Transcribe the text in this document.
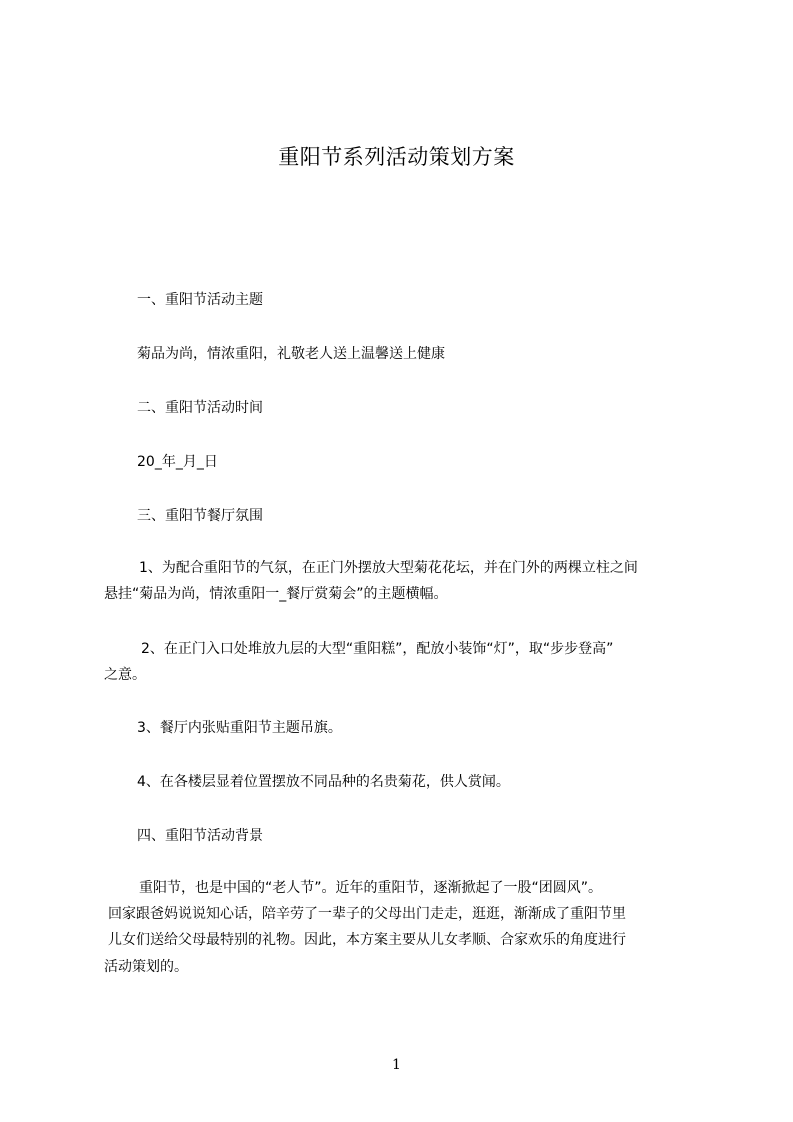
重阳节系列活动策划方案
一、重阳节活动主题
菊品为尚，情浓重阳，礼敬老人送上温馨送上健康
二、重阳节活动时间
20_年_月_日
三、重阳节餐厅氛围
1、为配合重阳节的气氛，在正门外摆放大型菊花花坛，并在门外的两棵立柱之间
悬挂“菊品为尚，情浓重阳一_餐厅赏菊会”的主题横幅。
2、在正门入口处堆放九层的大型“重阳糕”，配放小装饰“灯”，取“步步登高”
之意。
3、餐厅内张贴重阳节主题吊旗。
4、在各楼层显着位置摆放不同品种的名贵菊花，供人赏闻。
四、重阳节活动背景
重阳节，也是中国的“老人节”。近年的重阳节，逐渐掀起了一股“团圆风”。
回家跟爸妈说说知心话，陪辛劳了一辈子的父母出门走走，逛逛，渐渐成了重阳节里
儿女们送给父母最特别的礼物。因此，本方案主要从儿女孝顺、合家欢乐的角度进行
活动策划的。
1
